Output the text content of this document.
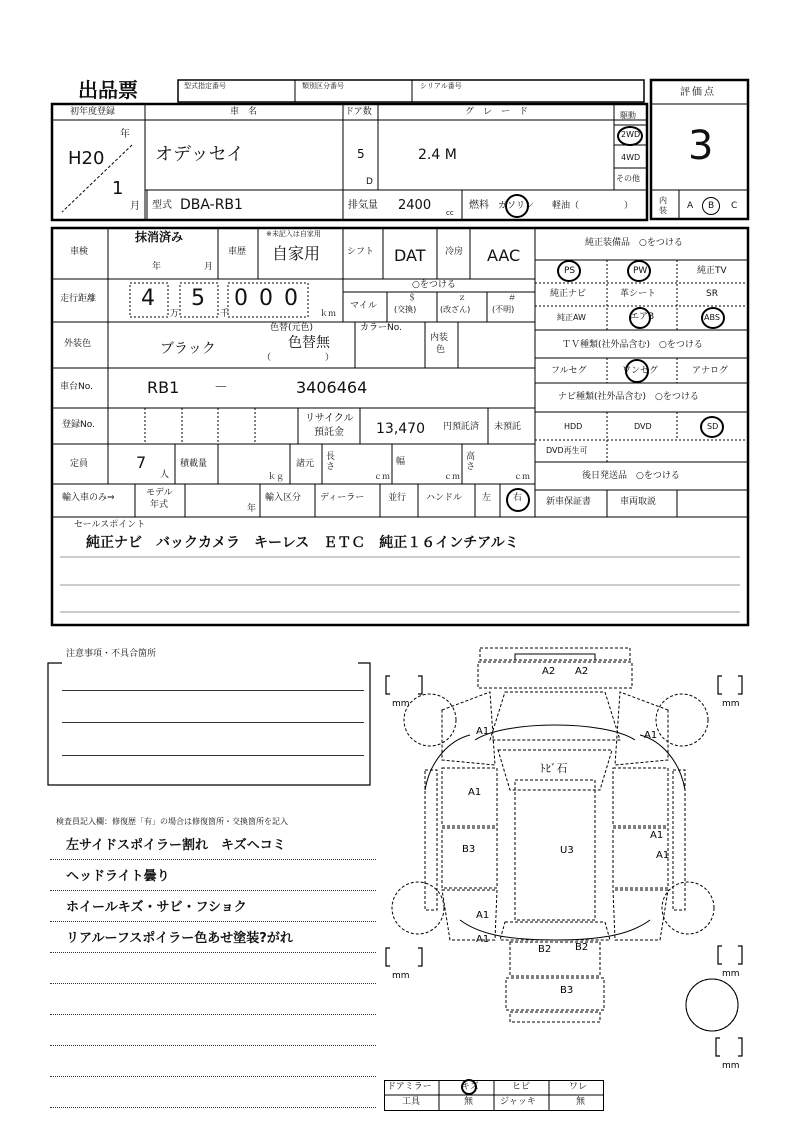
出品票	型式指定番号	類別区分番号	シリアル番号
評価点
3
初年度登録
年
月
H20
1
車　名
オデッセイ
ドア数
5
D
グ　レ　ー　ド
2.4 M
駆動
2WD
4WD
その他
型式 DBA-RB1	排気量 2400 cc
燃料 ガソリン 軽油（　　　　　）
内装 A B C
車検
抹消済み
年	月
車歴
※未記入は自家用
自家用	シフト DAT 冷房 AAC
走行距離 4
万
5
千
0 0 0
ｋｍ
○をつける
マイル
＄
(交換)
ｚ
(改ざん)
＃
(不明)
外装色	ブラック
色替(元色)
色替無
（　　　　　　）
カラーNo.
内装
色
車台No.	RB1 －	3406464
登録No.
リサイクル
預託金 13,470 円預託済 未預託
定員	7
人
積載量
ｋｇ
諸元
長さ
ｃｍ
幅
ｃｍ
高さ
ｃｍ
輸入車のみ⇒	モデル
年式	年
輸入区分 ディーラー	並行 ハンドル 左 右
純正装備品　○をつける
PS	PW	純正TV
純正ナビ	革シート	SR
純正AW	エアB	ABS
ＴＶ種類(社外品含む)　○をつける
フルセグ	ワンセグ	アナログ
ナビ種類(社外品含む)　○をつける
HDD	DVD	SD
DVD再生可
後日発送品　○をつける
新車保証書	車両取説
セールスポイント
純正ナビ　バックカメラ　キーレス　ＥＴＣ　純正１６インチアルミ
注意事項・不具合箇所
検査員記入欄：修復歴「有」の場合は修復箇所・交換箇所を記入
左サイドスポイラー割れ　キズヘコミ
ヘッドライト曇り
ホイールキズ・サビ・フショク
リアルーフスポイラー色あせ塗装?がれ
A2 A2
A1	A1
ﾄﾋﾞ石
A1
A1
A1
B3	U3
A1
A1
B2 B2
B3
mm	mm
mm	mm
mm
ドアミラー	キズ	ヒビ	ワレ
工具	無	ジャッキ	無
